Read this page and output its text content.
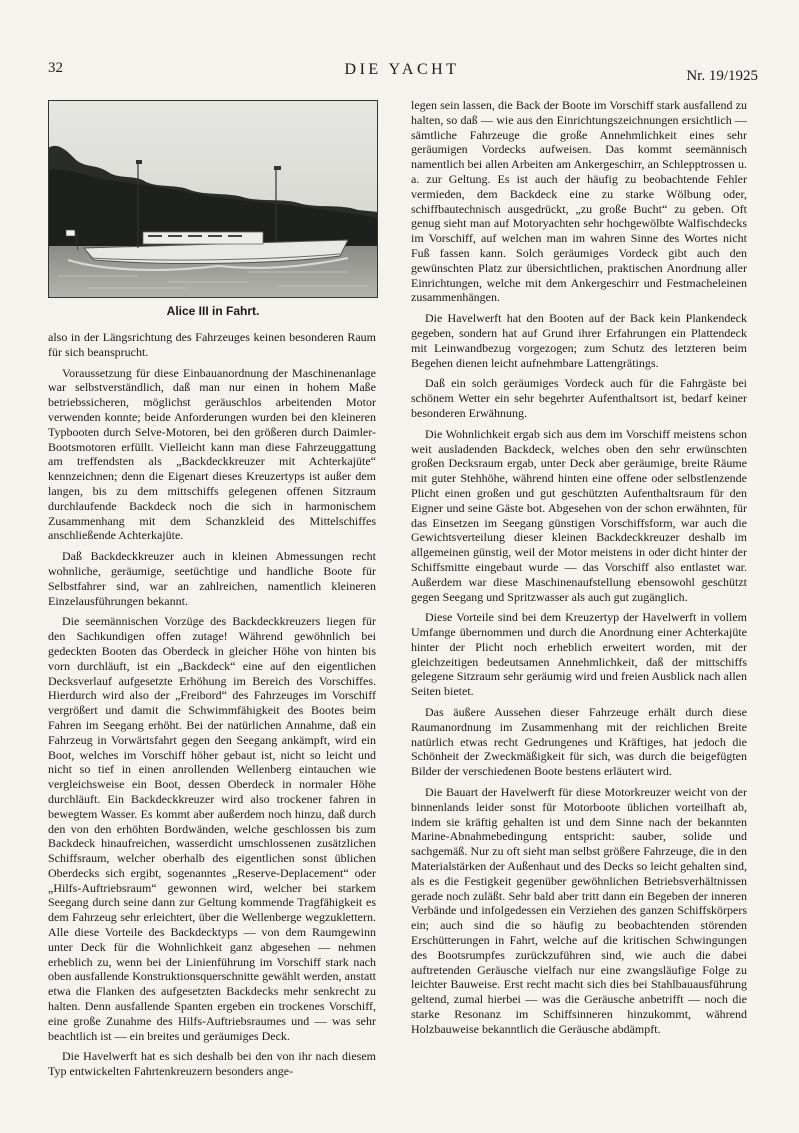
32	DIE YACHT	Nr. 19/1925
Alice III in Fahrt.

also in der Längsrichtung des Fahrzeuges keinen besonderen Raum für sich beansprucht.

Voraussetzung für diese Einbauanordnung der Maschinenanlage war selbstverständlich, daß man nur einen in hohem Maße betriebssicheren, möglichst geräuschlos arbeitenden Motor verwenden konnte; beide Anforderungen wurden bei den kleineren Typbooten durch Selve-Motoren, bei den größeren durch Daimler-Bootsmotoren erfüllt. Vielleicht kann man diese Fahrzeuggattung am treffendsten als „Backdeckkreuzer mit Achterkajüte“ kennzeichnen; denn die Eigenart dieses Kreuzertyps ist außer dem langen, bis zu dem mittschiffs gelegenen offenen Sitzraum durchlaufende Backdeck noch die sich in harmonischem Zusammenhang mit dem Schanzkleid des Mittelschiffes anschließende Achterkajüte.

Daß Backdeckkreuzer auch in kleinen Abmessungen recht wohnliche, geräumige, seetüchtige und handliche Boote für Selbstfahrer sind, war an zahlreichen, namentlich kleineren Einzelausführungen bekannt.

Die seemännischen Vorzüge des Backdeckkreuzers liegen für den Sachkundigen offen zutage! Während gewöhnlich bei gedeckten Booten das Oberdeck in gleicher Höhe von hinten bis vorn durchläuft, ist ein „Backdeck“ eine auf den eigentlichen Decksverlauf aufgesetzte Erhöhung im Bereich des Vorschiffes. Hierdurch wird also der „Freibord“ des Fahrzeuges im Vorschiff vergrößert und damit die Schwimmfähigkeit des Bootes beim Fahren im Seegang erhöht. Bei der natürlichen Annahme, daß ein Fahrzeug in Vorwärtsfahrt gegen den Seegang ankämpft, wird ein Boot, welches im Vorschiff höher gebaut ist, nicht so leicht und nicht so tief in einen anrollenden Wellenberg eintauchen wie vergleichsweise ein Boot, dessen Oberdeck in normaler Höhe durchläuft. Ein Backdeckkreuzer wird also trockener fahren in bewegtem Wasser. Es kommt aber außerdem noch hinzu, daß durch den von den erhöhten Bordwänden, welche geschlossen bis zum Backdeck hinaufreichen, wasserdicht umschlossenen zusätzlichen Schiffsraum, welcher oberhalb des eigentlichen sonst üblichen Oberdecks sich ergibt, sogenanntes „Reserve-Deplacement“ oder „Hilfs-Auftriebsraum“ gewonnen wird, welcher bei starkem Seegang durch seine dann zur Geltung kommende Tragfähigkeit es dem Fahrzeug sehr erleichtert, über die Wellenberge wegzuklettern. Alle diese Vorteile des Backdecktyps — von dem Raumgewinn unter Deck für die Wohnlichkeit ganz abgesehen — nehmen erheblich zu, wenn bei der Linienführung im Vorschiff stark nach oben ausfallende Konstruktionsquerschnitte gewählt werden, anstatt etwa die Flanken des aufgesetzten Backdecks mehr senkrecht zu halten. Denn ausfallende Spanten ergeben ein trockenes Vorschiff, eine große Zunahme des Hilfs-Auftriebsraumes und — was sehr beachtlich ist — ein breites und geräumiges Deck.

Die Havelwerft hat es sich deshalb bei den von ihr nach diesem Typ entwickelten Fahrtenkreuzern besonders ange-

legen sein lassen, die Back der Boote im Vorschiff stark ausfallend zu halten, so daß — wie aus den Einrichtungszeichnungen ersichtlich — sämtliche Fahrzeuge die große Annehmlichkeit eines sehr geräumigen Vordecks aufweisen. Das kommt seemännisch namentlich bei allen Arbeiten am Ankergeschirr, an Schlepptrossen u. a. zur Geltung. Es ist auch der häufig zu beobachtende Fehler vermieden, dem Backdeck eine zu starke Wölbung oder, schiffbautechnisch ausgedrückt, „zu große Bucht“ zu geben. Oft genug sieht man auf Motoryachten sehr hochgewölbte Walfischdecks im Vorschiff, auf welchen man im wahren Sinne des Wortes nicht Fuß fassen kann. Solch geräumiges Vordeck gibt auch den gewünschten Platz zur übersichtlichen, praktischen Anordnung aller Einrichtungen, welche mit dem Ankergeschirr und Festmacheleinen zusammenhängen.

Die Havelwerft hat den Booten auf der Back kein Plankendeck gegeben, sondern hat auf Grund ihrer Erfahrungen ein Plattendeck mit Leinwandbezug vorgezogen; zum Schutz des letzteren beim Begehen dienen leicht aufnehmbare Lattengrätings.

Daß ein solch geräumiges Vordeck auch für die Fahrgäste bei schönem Wetter ein sehr begehrter Aufenthaltsort ist, bedarf keiner besonderen Erwähnung.

Die Wohnlichkeit ergab sich aus dem im Vorschiff meistens schon weit ausladenden Backdeck, welches oben den sehr erwünschten großen Decksraum ergab, unter Deck aber geräumige, breite Räume mit guter Stehhöhe, während hinten eine offene oder selbstlenzende Plicht einen großen und gut geschützten Aufenthaltsraum für den Eigner und seine Gäste bot. Abgesehen von der schon erwähnten, für das Einsetzen im Seegang günstigen Vorschiffsform, war auch die Gewichtsverteilung dieser kleinen Backdeckkreuzer deshalb im allgemeinen günstig, weil der Motor meistens in oder dicht hinter der Schiffsmitte eingebaut wurde — das Vorschiff also entlastet war. Außerdem war diese Maschinenaufstellung ebensowohl geschützt gegen Seegang und Spritzwasser als auch gut zugänglich.

Diese Vorteile sind bei dem Kreuzertyp der Havelwerft in vollem Umfange übernommen und durch die Anordnung einer Achterkajüte hinter der Plicht noch erheblich erweitert worden, mit der gleichzeitigen bedeutsamen Annehmlichkeit, daß der mittschiffs gelegene Sitzraum sehr geräumig wird und freien Ausblick nach allen Seiten bietet.

Das äußere Aussehen dieser Fahrzeuge erhält durch diese Raumanordnung im Zusammenhang mit der reichlichen Breite natürlich etwas recht Gedrungenes und Kräftiges, hat jedoch die Schönheit der Zweckmäßigkeit für sich, was durch die beigefügten Bilder der verschiedenen Boote bestens erläutert wird.

Die Bauart der Havelwerft für diese Motorkreuzer weicht von der binnenlands leider sonst für Motorboote üblichen vorteilhaft ab, indem sie kräftig gehalten ist und dem Sinne nach der bekannten Marine-Abnahmebedingung entspricht: sauber, solide und sachgemäß. Nur zu oft sieht man selbst größere Fahrzeuge, die in den Materialstärken der Außenhaut und des Decks so leicht gehalten sind, als es die Festigkeit gegenüber gewöhnlichen Betriebsverhältnissen gerade noch zuläßt. Sehr bald aber tritt dann ein Begeben der inneren Verbände und infolgedessen ein Verziehen des ganzen Schiffskörpers ein; auch sind die so häufig zu beobachtenden störenden Erschütterungen in Fahrt, welche auf die kritischen Schwingungen des Bootsrumpfes zurückzuführen sind, wie auch die dabei auftretenden Geräusche vielfach nur eine zwangsläufige Folge zu leichter Bauweise. Erst recht macht sich dies bei Stahlbauausführung geltend, zumal hierbei — was die Geräusche anbetrifft — noch die starke Resonanz im Schiffsinneren hinzukommt, während Holzbauweise bekanntlich die Geräusche abdämpft.
